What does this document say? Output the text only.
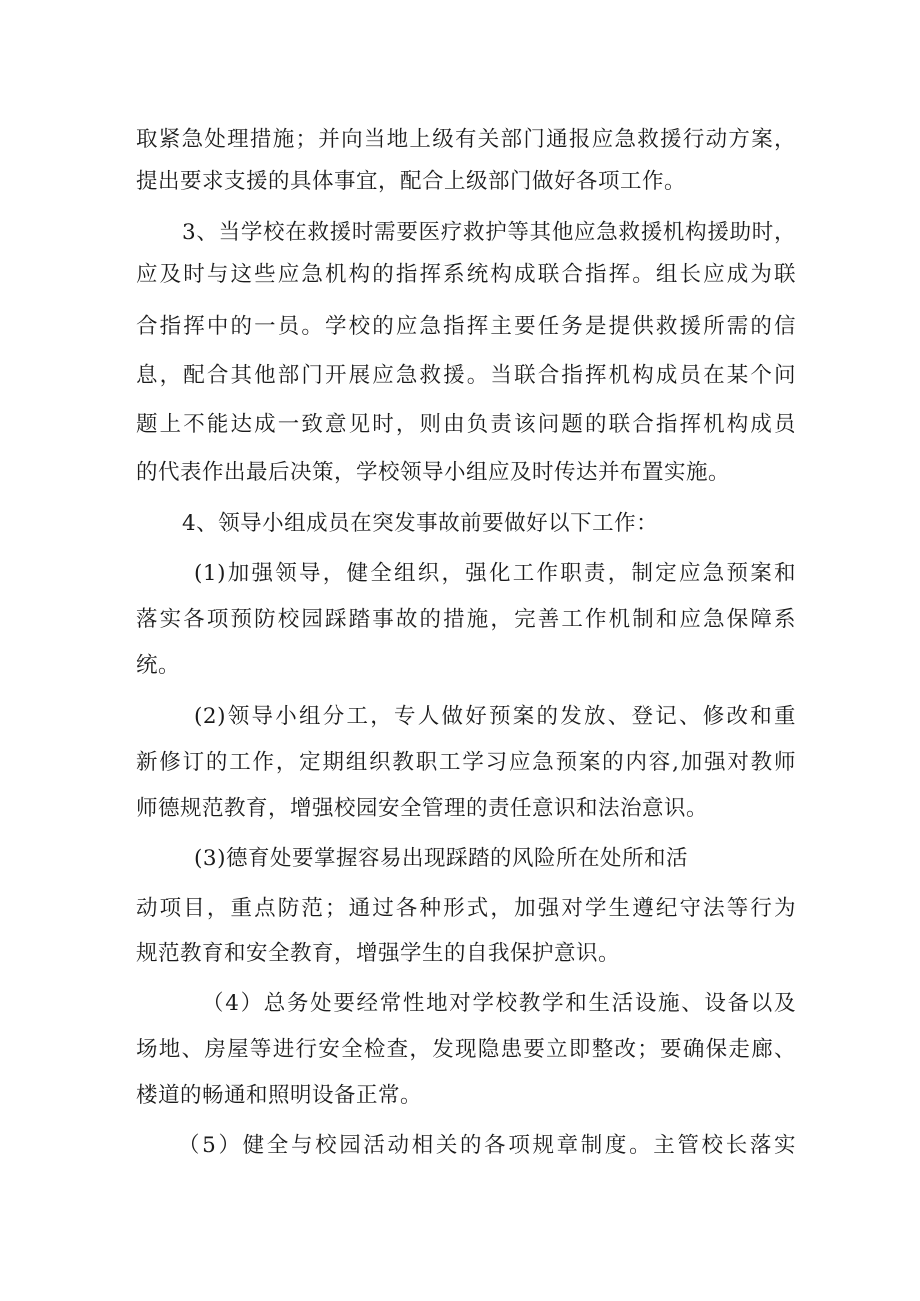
取紧急处理措施；并向当地上级有关部门通报应急救援行动方案，
提出要求支援的具体事宜，配合上级部门做好各项工作。
3、当学校在救援时需要医疗救护等其他应急救援机构援助时，
应及时与这些应急机构的指挥系统构成联合指挥。组长应成为联
合指挥中的一员。学校的应急指挥主要任务是提供救援所需的信
息，配合其他部门开展应急救援。当联合指挥机构成员在某个问
题上不能达成一致意见时，则由负责该问题的联合指挥机构成员
的代表作出最后决策，学校领导小组应及时传达并布置实施。
4、领导小组成员在突发事故前要做好以下工作：
(1)加强领导，健全组织，强化工作职责，制定应急预案和
落实各项预防校园踩踏事故的措施，完善工作机制和应急保障系
统。
(2)领导小组分工，专人做好预案的发放、登记、修改和重
新修订的工作，定期组织教职工学习应急预案的内容,加强对教师
师德规范教育，增强校园安全管理的责任意识和法治意识。
(3)德育处要掌握容易出现踩踏的风险所在处所和活
动项目，重点防范；通过各种形式，加强对学生遵纪守法等行为
规范教育和安全教育，增强学生的自我保护意识。
（4）总务处要经常性地对学校教学和生活设施、设备以及
场地、房屋等进行安全检查，发现隐患要立即整改；要确保走廊、
楼道的畅通和照明设备正常。
（5）健全与校园活动相关的各项规章制度。主管校长落实
